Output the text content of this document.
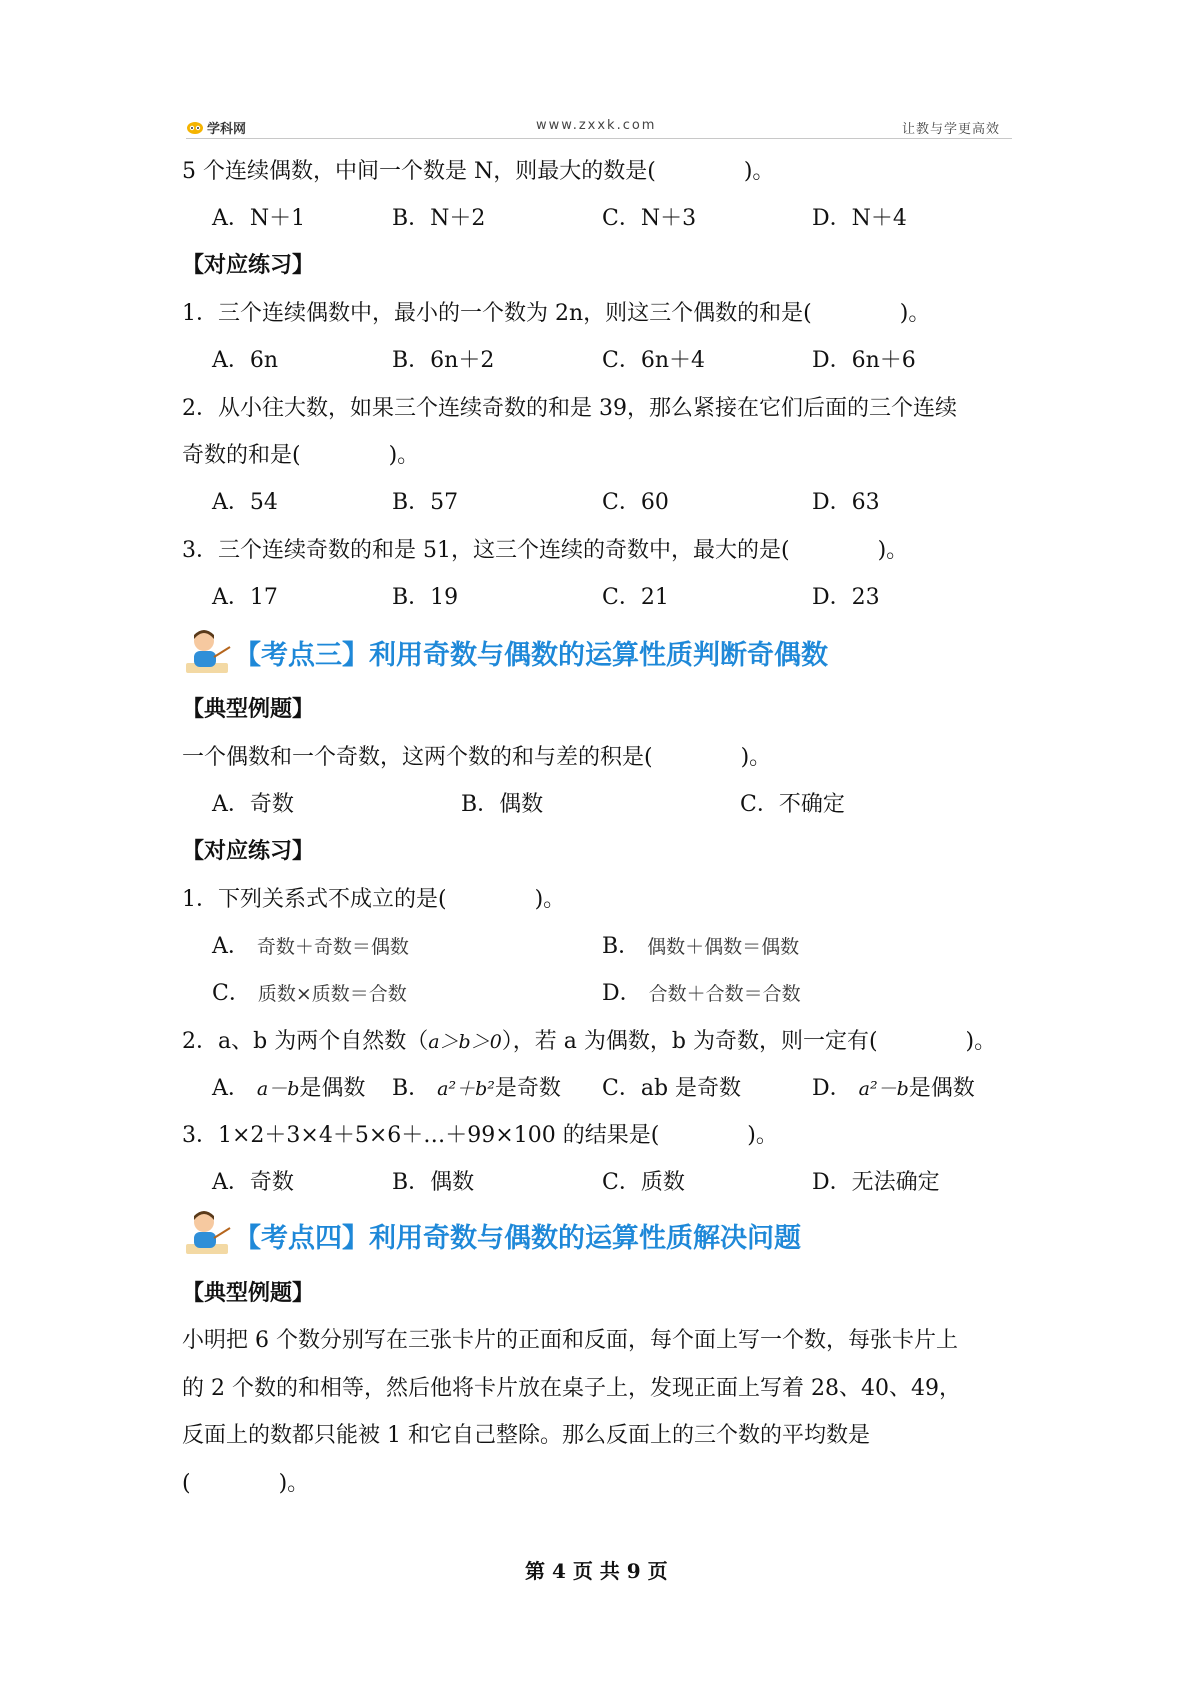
学科网	www.zxxk.com	让教与学更高效
5 个连续偶数，中间一个数是 N，则最大的数是(　　　　)。
A．N＋1	B．N＋2	C．N＋3	D．N＋4
【对应练习】
1．三个连续偶数中，最小的一个数为 2n，则这三个偶数的和是(　　　　)。
A．6n	B．6n＋2	C．6n＋4	D．6n＋6
2．从小往大数，如果三个连续奇数的和是 39，那么紧接在它们后面的三个连续
奇数的和是(　　　　)。
A．54	B．57	C．60	D．63
3．三个连续奇数的和是 51，这三个连续的奇数中，最大的是(　　　　)。
A．17	B．19	C．21	D．23
【考点三】利用奇数与偶数的运算性质判断奇偶数
【典型例题】
一个偶数和一个奇数，这两个数的和与差的积是(　　　　)。
A．奇数	B．偶数	C．不确定
【对应练习】
1．下列关系式不成立的是(　　　　)。
A． 奇数＋奇数＝偶数	B． 偶数＋偶数＝偶数
C． 质数×质数＝合数	D． 合数＋合数＝合数
2．a、b 为两个自然数（a＞b＞0），若 a 为偶数，b 为奇数，则一定有(　　　　)。
A． a－b是偶数 B． a²＋b²是奇数 C．ab 是奇数	D． a²－b是偶数
3．1×2＋3×4＋5×6＋…＋99×100 的结果是(　　　　)。
A．奇数	B．偶数	C．质数	D．无法确定
【考点四】利用奇数与偶数的运算性质解决问题
【典型例题】
小明把 6 个数分别写在三张卡片的正面和反面，每个面上写一个数，每张卡片上
的 2 个数的和相等，然后他将卡片放在桌子上，发现正面上写着 28、40、49，
反面上的数都只能被 1 和它自己整除。那么反面上的三个数的平均数是
(　　　　)。
第 4 页 共 9 页
